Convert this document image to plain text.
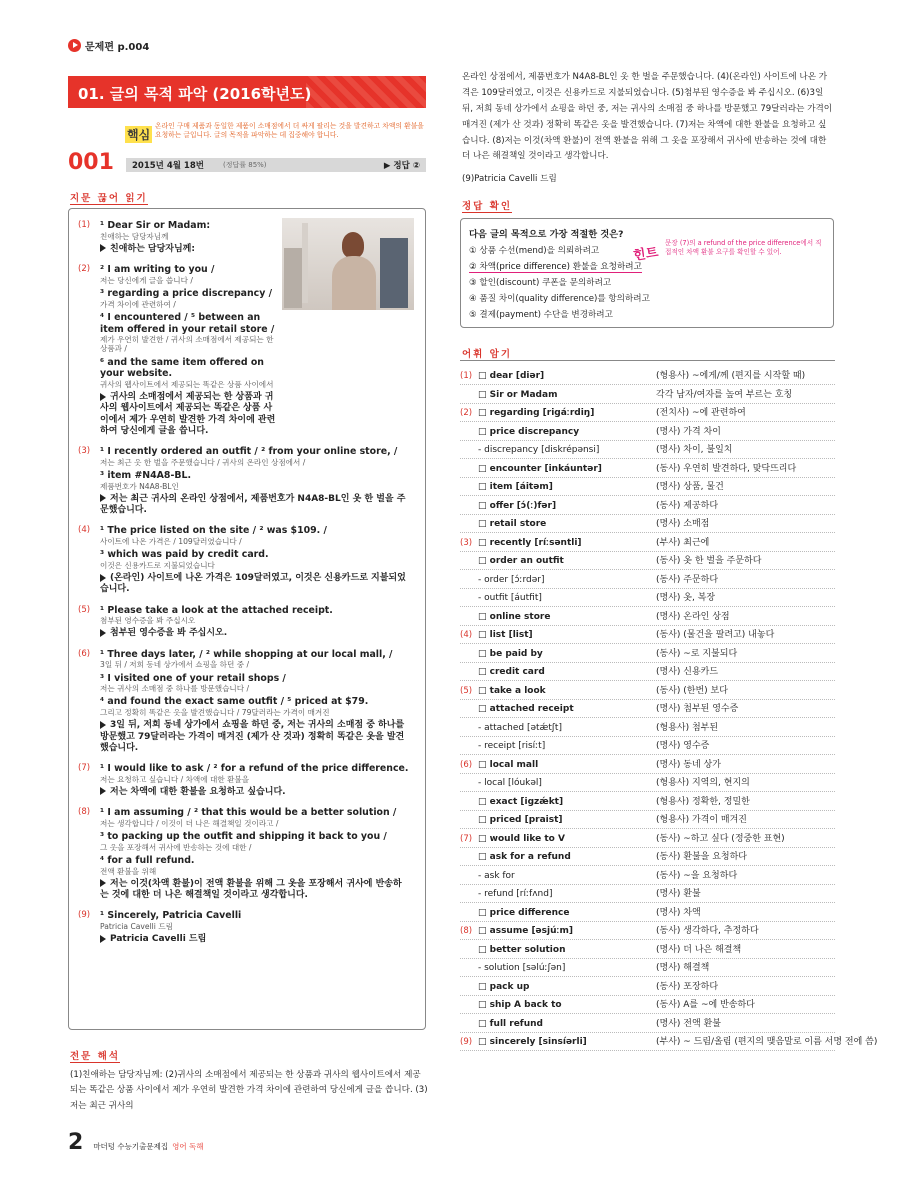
문제편 p.004
01. 글의 목적 파악 (2016학년도)
핵심
온라인 구매 제품과 동일한 제품이 소매점에서 더 싸게 팔리는 것을 발견하고 차액의 환불을 요청하는 글입니다. 글의 목적을 파악하는 데 집중해야 합니다.
001 2015년 4월 18번	(정답률 85%)	▶ 정답 ②
지문 끊어 읽기
(1) ¹ Dear Sir or Madam:
친애하는 담당자님께
친애하는 담당자님께:
(2) ² I am writing to you /
저는 당신에게 글을 씁니다 /
³ regarding a price discrepancy /
가격 차이에 관련하여 /
⁴ I encountered / ⁵ between an item offered in your retail store /
제가 우연히 발견한 / 귀사의 소매점에서 제공되는 한 상품과 /
⁶ and the same item offered on your website.
귀사의 웹사이트에서 제공되는 똑같은 상품 사이에서
귀사의 소매점에서 제공되는 한 상품과 귀사의 웹사이트에서 제공되는 똑같은 상품 사이에서 제가 우연히 발견한 가격 차이에 관련하여 당신에게 글을 씁니다.
(3) ¹ I recently ordered an outfit / ² from your online store, /
저는 최근 옷 한 벌을 주문했습니다 / 귀사의 온라인 상점에서 /
³ item #N4A8-BL.
제품번호가 N4A8-BL인
저는 최근 귀사의 온라인 상점에서, 제품번호가 N4A8-BL인 옷 한 벌을 주문했습니다.
(4) ¹ The price listed on the site / ² was $109. /
사이트에 나온 가격은 / 109달러였습니다 /
³ which was paid by credit card.
이것은 신용카드로 지불되었습니다
(온라인) 사이트에 나온 가격은 109달러였고, 이것은 신용카드로 지불되었습니다.
(5) ¹ Please take a look at the attached receipt.
첨부된 영수증을 봐 주십시오
첨부된 영수증을 봐 주십시오.
(6) ¹ Three days later, / ² while shopping at our local mall, /
3일 뒤 / 저희 동네 상가에서 쇼핑을 하던 중 /
³ I visited one of your retail shops /
저는 귀사의 소매점 중 하나를 방문했습니다 /
⁴ and found the exact same outfit / ⁵ priced at $79.
그리고 정확히 똑같은 옷을 발견했습니다 / 79달러라는 가격이 매겨진
3일 뒤, 저희 동네 상가에서 쇼핑을 하던 중, 저는 귀사의 소매점 중 하나를 방문했고 79달러라는 가격이 매겨진 (제가 산 것과) 정확히 똑같은 옷을 발견했습니다.
(7) ¹ I would like to ask / ² for a refund of the price difference.
저는 요청하고 싶습니다 / 차액에 대한 환불을
저는 차액에 대한 환불을 요청하고 싶습니다.
(8) ¹ I am assuming / ² that this would be a better solution /
저는 생각합니다 / 이것이 더 나은 해결책일 것이라고 /
³ to packing up the outfit and shipping it back to you /
그 옷을 포장해서 귀사에 반송하는 것에 대한 /
⁴ for a full refund.
전액 환불을 위해
저는 이것(차액 환불)이 전액 환불을 위해 그 옷을 포장해서 귀사에 반송하는 것에 대한 더 나은 해결책일 것이라고 생각합니다.
(9) ¹ Sincerely, Patricia Cavelli
Patricia Cavelli 드림
Patricia Cavelli 드림
전문 해석
(1)친애하는 담당자님께: (2)귀사의 소매점에서 제공되는 한 상품과 귀사의 웹사이트에서 제공되는 똑같은 상품 사이에서 제가 우연히 발견한 가격 차이에 관련하여 당신에게 글을 씁니다. (3)저는 최근 귀사의
온라인 상점에서, 제품번호가 N4A8-BL인 옷 한 벌을 주문했습니다. (4)(온라인) 사이트에 나온 가격은 109달러였고, 이것은 신용카드로 지불되었습니다. (5)첨부된 영수증을 봐 주십시오. (6)3일 뒤, 저희 동네 상가에서 쇼핑을 하던 중, 저는 귀사의 소매점 중 하나를 방문했고 79달러라는 가격이 매겨진 (제가 산 것과) 정확히 똑같은 옷을 발견했습니다. (7)저는 차액에 대한 환불을 요청하고 싶습니다. (8)저는 이것(차액 환불)이 전액 환불을 위해 그 옷을 포장해서 귀사에 반송하는 것에 대한 더 나은 해결책일 것이라고 생각합니다.
(9)Patricia Cavelli 드림
정답 확인
다음 글의 목적으로 가장 적절한 것은?
① 상품 수선(mend)을 의뢰하려고
② 차액(price difference) 환불을 요청하려고
③ 할인(discount) 쿠폰을 문의하려고
④ 품질 차이(quality difference)를 항의하려고
⑤ 결제(payment) 수단을 변경하려고
힌트
문장 (7)의 a refund of the price difference에서 직접적인 차액 환불 요구를 확인할 수 있어.
어휘 암기
(1) □ dear [diər]	(형용사) ~에게/께 (편지를 시작할 때)
□ Sir or Madam	각각 남자/여자를 높여 부르는 호칭
(2) □ regarding [rigáːrdiŋ]	(전치사) ~에 관련하여
□ price discrepancy	(명사) 가격 차이
- discrepancy [diskrépənsi]	(명사) 차이, 불일치
□ encounter [inkáuntər]	(동사) 우연히 발견하다, 맞닥뜨리다
□ item [áitəm]	(명사) 상품, 물건
□ offer [ɔ́(ː)fər]	(동사) 제공하다
□ retail store	(명사) 소매점
(3) □ recently [ríːsəntli]	(부사) 최근에
□ order an outfit	(동사) 옷 한 벌을 주문하다
- order [ɔ́ːrdər]	(동사) 주문하다
- outfit [áutfit]	(명사) 옷, 복장
□ online store	(명사) 온라인 상점
(4) □ list [list]	(동사) (물건을 팔려고) 내놓다
□ be paid by	(동사) ~로 지불되다
□ credit card	(명사) 신용카드
(5) □ take a look	(동사) (한번) 보다
□ attached receipt	(명사) 첨부된 영수증
- attached [ətǽtʃt]	(형용사) 첨부된
- receipt [risíːt]	(명사) 영수증
(6) □ local mall	(명사) 동네 상가
- local [lóukəl]	(형용사) 지역의, 현지의
□ exact [igzǽkt]	(형용사) 정확한, 정밀한
□ priced [praist]	(형용사) 가격이 매겨진
(7) □ would like to V	(동사) ~하고 싶다 (정중한 표현)
□ ask for a refund	(동사) 환불을 요청하다
- ask for	(동사) ~을 요청하다
- refund [ríːfʌnd]	(명사) 환불
□ price difference	(명사) 차액
(8) □ assume [əsjúːm]	(동사) 생각하다, 추정하다
□ better solution	(명사) 더 나은 해결책
- solution [səlúːʃən]	(명사) 해결책
□ pack up	(동사) 포장하다
□ ship A back to	(동사) A를 ~에 반송하다
□ full refund	(명사) 전액 환불
(9) □ sincerely [sinsíərli]	(부사) ~ 드림/올림 (편지의 맺음말로 이름 서명 전에 씀)
2 마더텅 수능기출문제집 영어 독해
